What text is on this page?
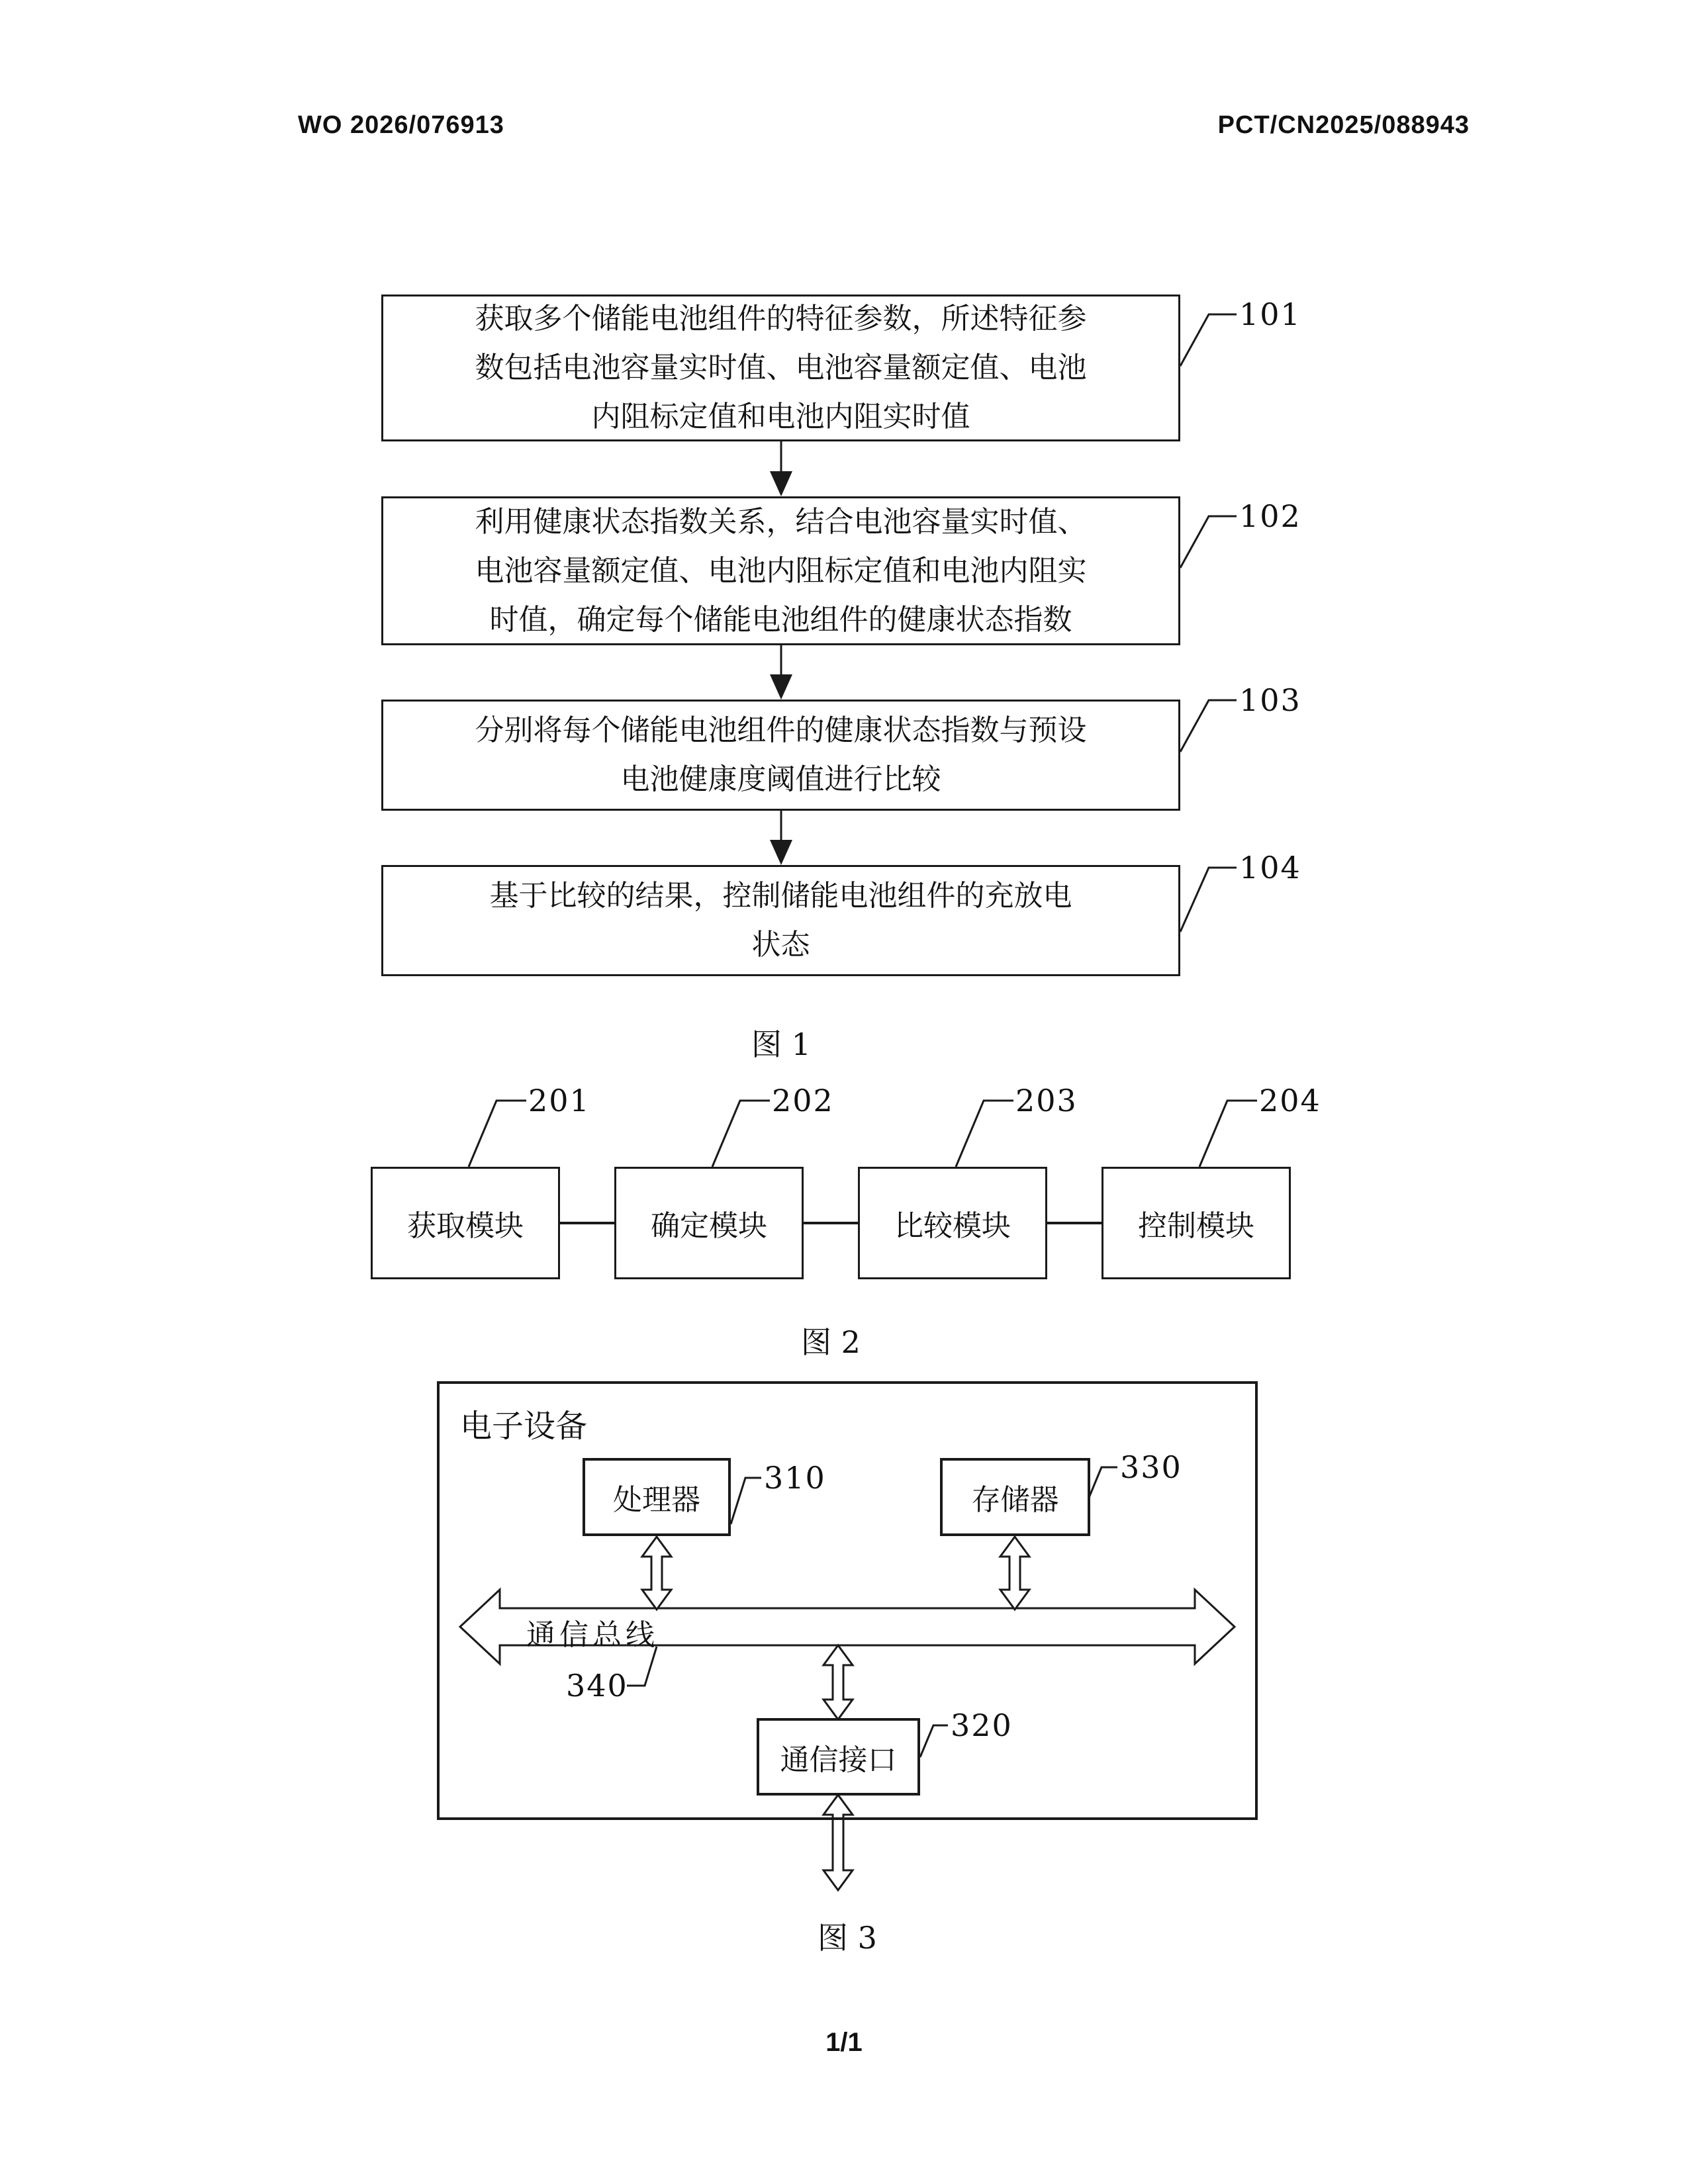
WO 2026/076913	PCT/CN2025/088943
获取多个储能电池组件的特征参数，所述特征参
数包括电池容量实时值、电池容量额定值、电池
内阻标定值和电池内阻实时值
利用健康状态指数关系，结合电池容量实时值、
电池容量额定值、电池内阻标定值和电池内阻实
时值，确定每个储能电池组件的健康状态指数
分别将每个储能电池组件的健康状态指数与预设
电池健康度阈值进行比较
基于比较的结果，控制储能电池组件的充放电
状态
101
102
103
104
图 1
获取模块	确定模块	比较模块	控制模块
201	202	203	204
图 2
电子设备
处理器	存储器
通信接口
通信总线
310	330
320
340
图 3
1/1
